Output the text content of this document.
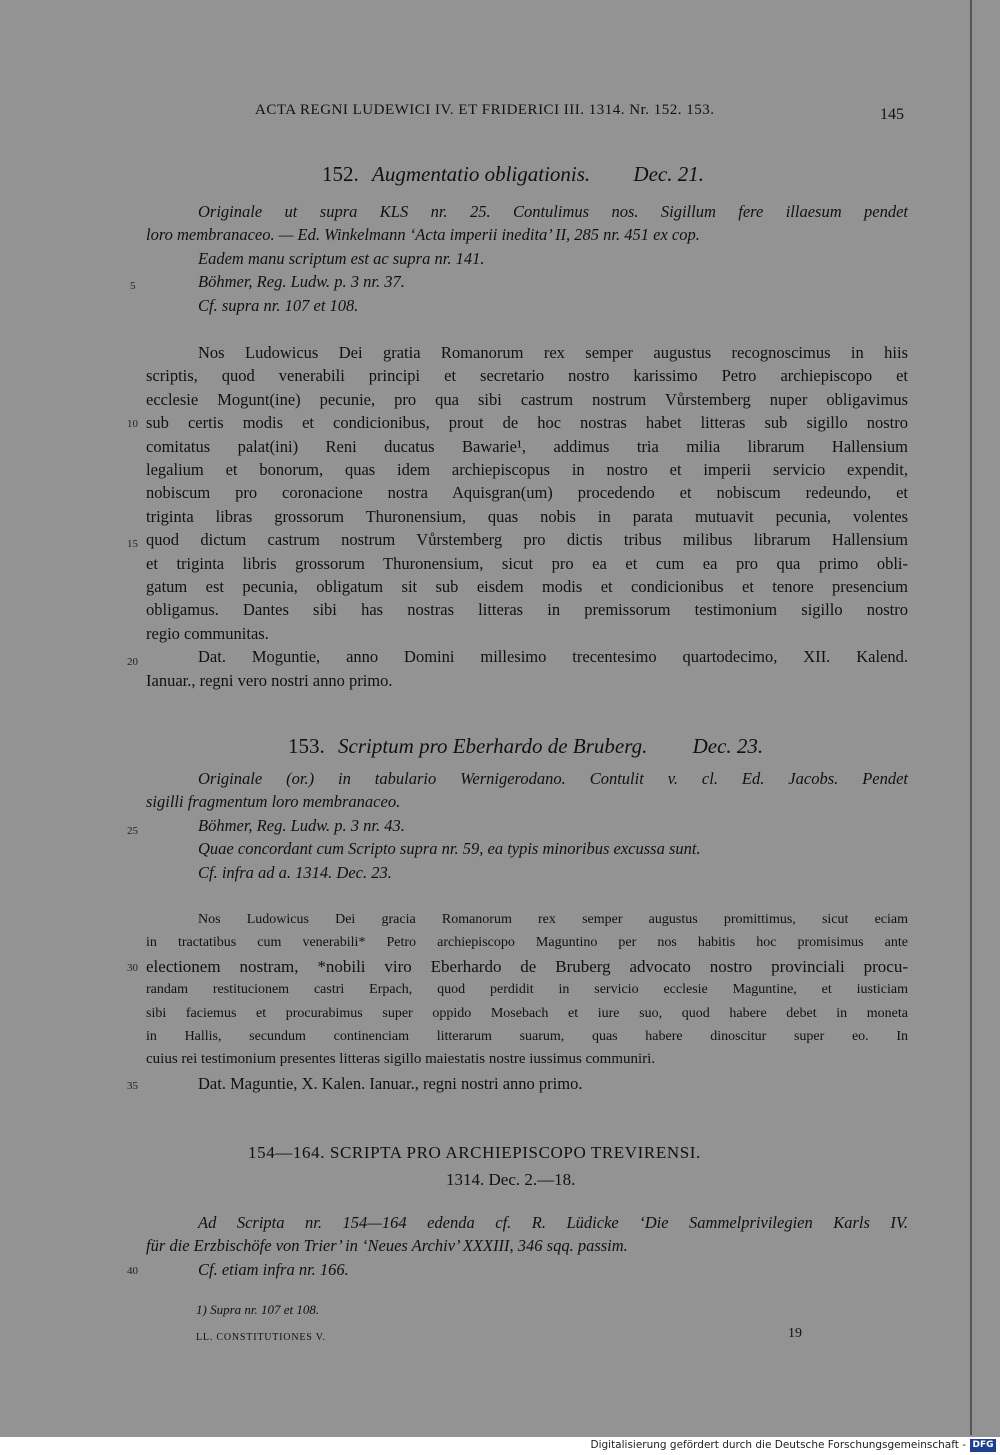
ACTA REGNI LUDEWICI IV. ET FRIDERICI III. 1314. Nr. 152. 153.	145
152. Augmentatio obligationis. Dec. 21.
Originale ut supra KLS nr. 25. Contulimus nos. Sigillum fere illaesum pendet
loro membranaceo. — Ed. Winkelmann ‘Acta imperii inedita’ II, 285 nr. 451 ex cop.
Eadem manu scriptum est ac supra nr. 141.
Böhmer, Reg. Ludw. p. 3 nr. 37.
Cf. supra nr. 107 et 108.
Nos Ludowicus Dei gratia Romanorum rex semper augustus recognoscimus in hiis
scriptis, quod venerabili principi et secretario nostro karissimo Petro archiepiscopo et
ecclesie Mogunt(ine) pecunie, pro qua sibi castrum nostrum Vůrstemberg nuper obligavimus
sub certis modis et condicionibus, prout de hoc nostras habet litteras sub sigillo nostro
comitatus palat(ini) Reni ducatus Bawarie¹, addimus tria milia librarum Hallensium
legalium et bonorum, quas idem archiepiscopus in nostro et imperii servicio expendit,
nobiscum pro coronacione nostra Aquisgran(um) procedendo et nobiscum redeundo, et
triginta libras grossorum Thuronensium, quas nobis in parata mutuavit pecunia, volentes
quod dictum castrum nostrum Vůrstemberg pro dictis tribus milibus librarum Hallensium
et triginta libris grossorum Thuronensium, sicut pro ea et cum ea pro qua primo obli-
gatum est pecunia, obligatum sit sub eisdem modis et condicionibus et tenore presencium
obligamus. Dantes sibi has nostras litteras in premissorum testimonium sigillo nostro
regio communitas.
Dat. Moguntie, anno Domini millesimo trecentesimo quartodecimo, XII. Kalend.
Ianuar., regni vero nostri anno primo.
153. Scriptum pro Eberhardo de Bruberg. Dec. 23.
Originale (or.) in tabulario Wernigerodano. Contulit v. cl. Ed. Jacobs. Pendet
sigilli fragmentum loro membranaceo.
Böhmer, Reg. Ludw. p. 3 nr. 43.
Quae concordant cum Scripto supra nr. 59, ea typis minoribus excussa sunt.
Cf. infra ad a. 1314. Dec. 23.
Nos Ludowicus Dei gracia Romanorum rex semper augustus promittimus, sicut eciam
in tractatibus cum venerabili* Petro archiepiscopo Maguntino per nos habitis hoc promisimus ante
electionem nostram, *nobili viro Eberhardo de Bruberg advocato nostro provinciali procu-
randam restitucionem castri Erpach, quod perdidit in servicio ecclesie Maguntine, et iusticiam
sibi faciemus et procurabimus super oppido Mosebach et iure suo, quod habere debet in moneta
in Hallis, secundum continenciam litterarum suarum, quas habere dinoscitur super eo. In
cuius rei testimonium presentes litteras sigillo maiestatis nostre iussimus communiri.
Dat. Maguntie, X. Kalen. Ianuar., regni nostri anno primo.
154—164. SCRIPTA PRO ARCHIEPISCOPO TREVIRENSI.
1314. Dec. 2.—18.
Ad Scripta nr. 154—164 edenda cf. R. Lüdicke ‘Die Sammelprivilegien Karls IV.
für die Erzbischöfe von Trier’ in ‘Neues Archiv’ XXXIII, 346 sqq. passim.
Cf. etiam infra nr. 166.
1) Supra nr. 107 et 108.
LL. CONSTITUTIONES V.	19
5
10
15
20
25
30
35
40
Digitalisierung gefördert durch die Deutsche Forschungsgemeinschaft - DFG
